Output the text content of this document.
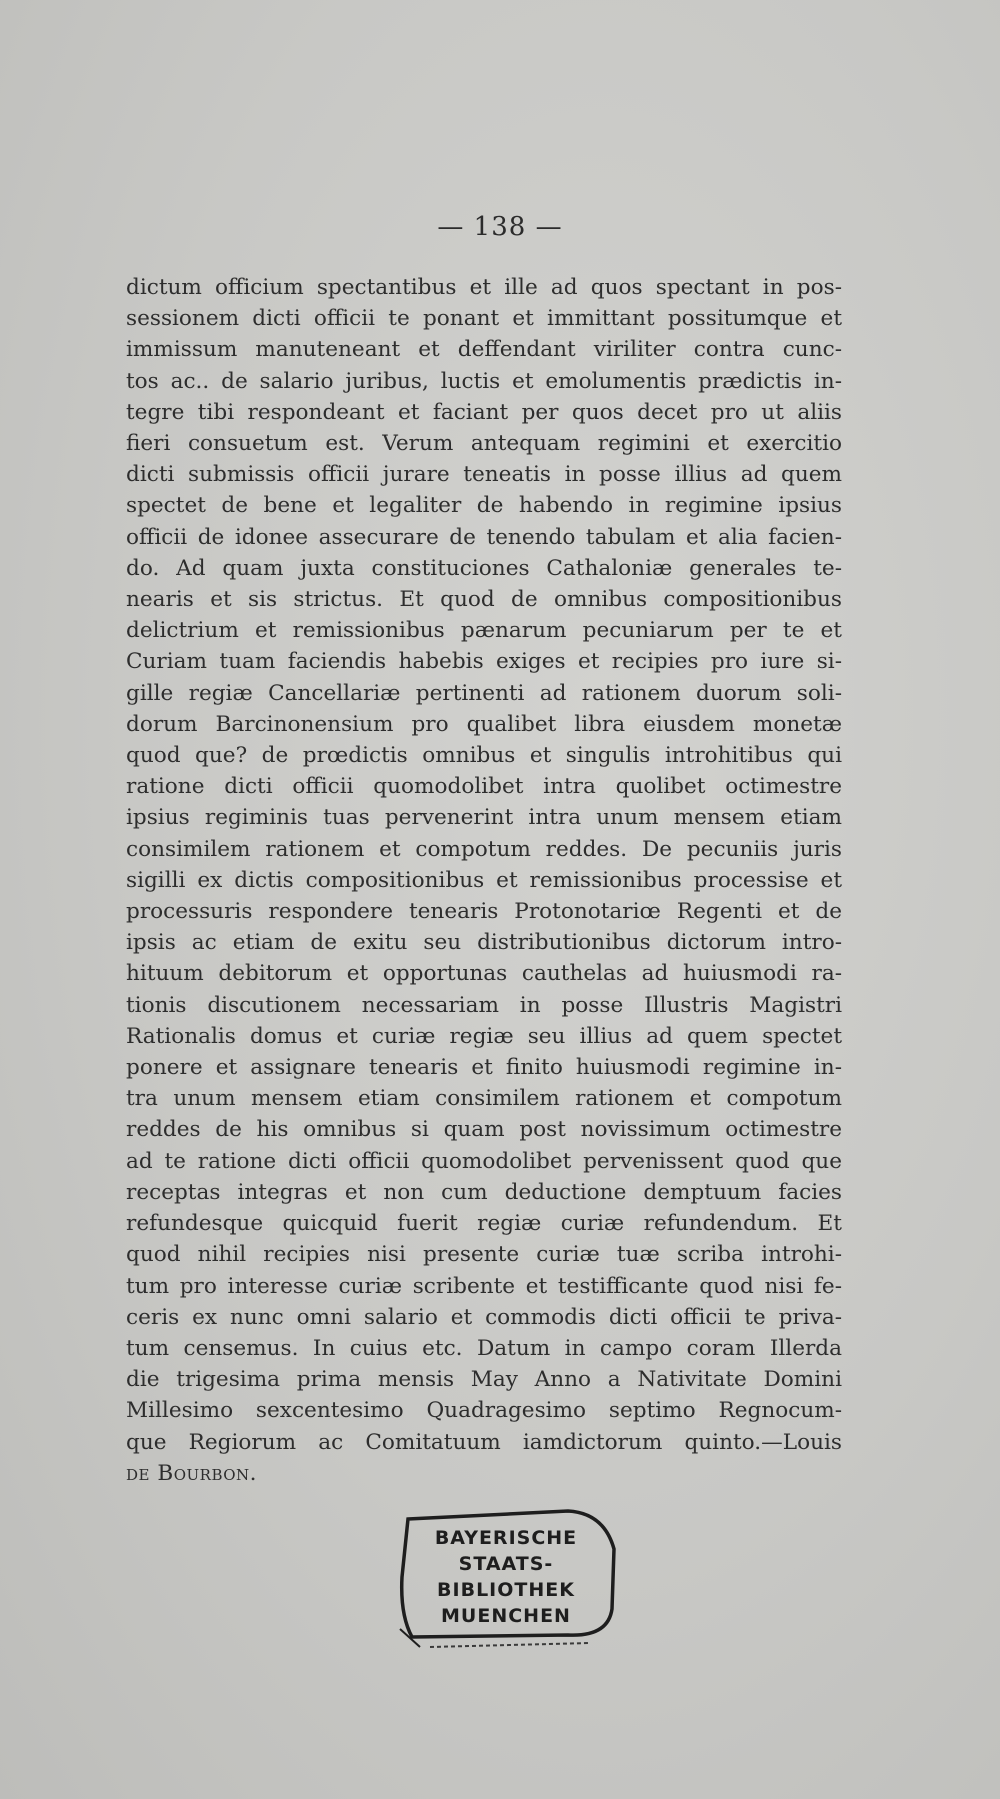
— 138 —
dictum officium spectantibus et ille ad quos spectant in pos-
sessionem dicti officii te ponant et immittant possitumque et
immissum manuteneant et deffendant viriliter contra cunc-
tos ac.. de salario juribus, luctis et emolumentis prædictis in-
tegre tibi respondeant et faciant per quos decet pro ut aliis
fieri consuetum est. Verum antequam regimini et exercitio
dicti submissis officii jurare teneatis in posse illius ad quem
spectet de bene et legaliter de habendo in regimine ipsius
officii de idonee assecurare de tenendo tabulam et alia facien-
do. Ad quam juxta constituciones Cathaloniæ generales te-
nearis et sis strictus. Et quod de omnibus compositionibus
delictrium et remissionibus pænarum pecuniarum per te et
Curiam tuam faciendis habebis exiges et recipies pro iure si-
gille regiæ Cancellariæ pertinenti ad rationem duorum soli-
dorum Barcinonensium pro qualibet libra eiusdem monetæ
quod que? de prœdictis omnibus et singulis introhitibus qui
ratione dicti officii quomodolibet intra quolibet octimestre
ipsius regiminis tuas pervenerint intra unum mensem etiam
consimilem rationem et compotum reddes. De pecuniis juris
sigilli ex dictis compositionibus et remissionibus processise et
processuris respondere tenearis Protonotariœ Regenti et de
ipsis ac etiam de exitu seu distributionibus dictorum intro-
hituum debitorum et opportunas cauthelas ad huiusmodi ra-
tionis discutionem necessariam in posse Illustris Magistri
Rationalis domus et curiæ regiæ seu illius ad quem spectet
ponere et assignare tenearis et finito huiusmodi regimine in-
tra unum mensem etiam consimilem rationem et compotum
reddes de his omnibus si quam post novissimum octimestre
ad te ratione dicti officii quomodolibet pervenissent quod que
receptas integras et non cum deductione demptuum facies
refundesque quicquid fuerit regiæ curiæ refundendum. Et
quod nihil recipies nisi presente curiæ tuæ scriba introhi-
tum pro interesse curiæ scribente et testifficante quod nisi fe-
ceris ex nunc omni salario et commodis dicti officii te priva-
tum censemus. In cuius etc. Datum in campo coram Illerda
die trigesima prima mensis May Anno a Nativitate Domini
Millesimo sexcentesimo Quadragesimo septimo Regnocum-
que Regiorum ac Comitatuum iamdictorum quinto.—Louis
de Bourbon.
BAYERISCHE
STAATS-
BIBLIOTHEK
MUENCHEN
